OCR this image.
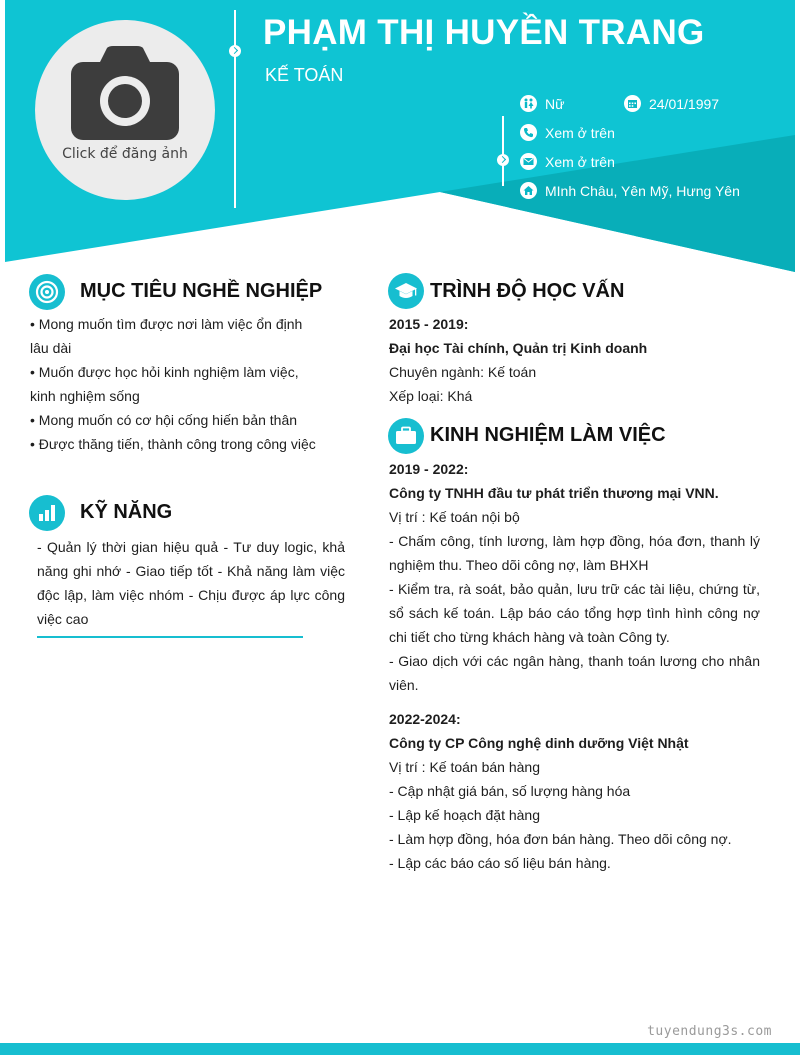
Click để đăng ảnh
PHẠM THỊ HUYỀN TRANG
KẾ TOÁN
Nữ	24/01/1997
Xem ở trên
Xem ở trên
MInh Châu, Yên Mỹ, Hưng Yên
MỤC TIÊU NGHỀ NGHIỆP

• Mong muốn tìm được nơi làm việc ổn định lâu dài

• Muốn được học hỏi kinh nghiệm làm việc, kinh nghiệm sống

• Mong muốn có cơ hội cống hiến bản thân

• Được thăng tiến, thành công trong công việc

KỸ NĂNG
- Quản lý thời gian hiệu quả - Tư duy logic, khả năng ghi nhớ - Giao tiếp tốt - Khả năng làm việc độc lập, làm việc nhóm - Chịu được áp lực công việc cao
TRÌNH ĐỘ HỌC VẤN

2015 - 2019:

Đại học Tài chính, Quản trị Kinh doanh

Chuyên ngành: Kế toán

Xếp loại: Khá

KINH NGHIỆM LÀM VIỆC

2019 - 2022:

Công ty TNHH đầu tư phát triển thương mại VNN.

Vị trí : Kế toán nội bộ

- Chấm công, tính lương, làm hợp đồng, hóa đơn, thanh lý nghiệm thu. Theo dõi công nợ, làm BHXH

- Kiểm tra, rà soát, bảo quản, lưu trữ các tài liệu, chứng từ, sổ sách kế toán. Lập báo cáo tổng hợp tình hình công nợ chi tiết cho từng khách hàng và toàn Công ty.

- Giao dịch với các ngân hàng, thanh toán lương cho nhân viên.

2022-2024:

Công ty CP Công nghệ dinh dưỡng Việt Nhật

Vị trí : Kế toán bán hàng

- Cập nhật giá bán, số lượng hàng hóa

- Lập kế hoạch đặt hàng

- Làm hợp đồng, hóa đơn bán hàng. Theo dõi công nợ.

- Lập các báo cáo số liệu bán hàng.

tuyendung3s.com
